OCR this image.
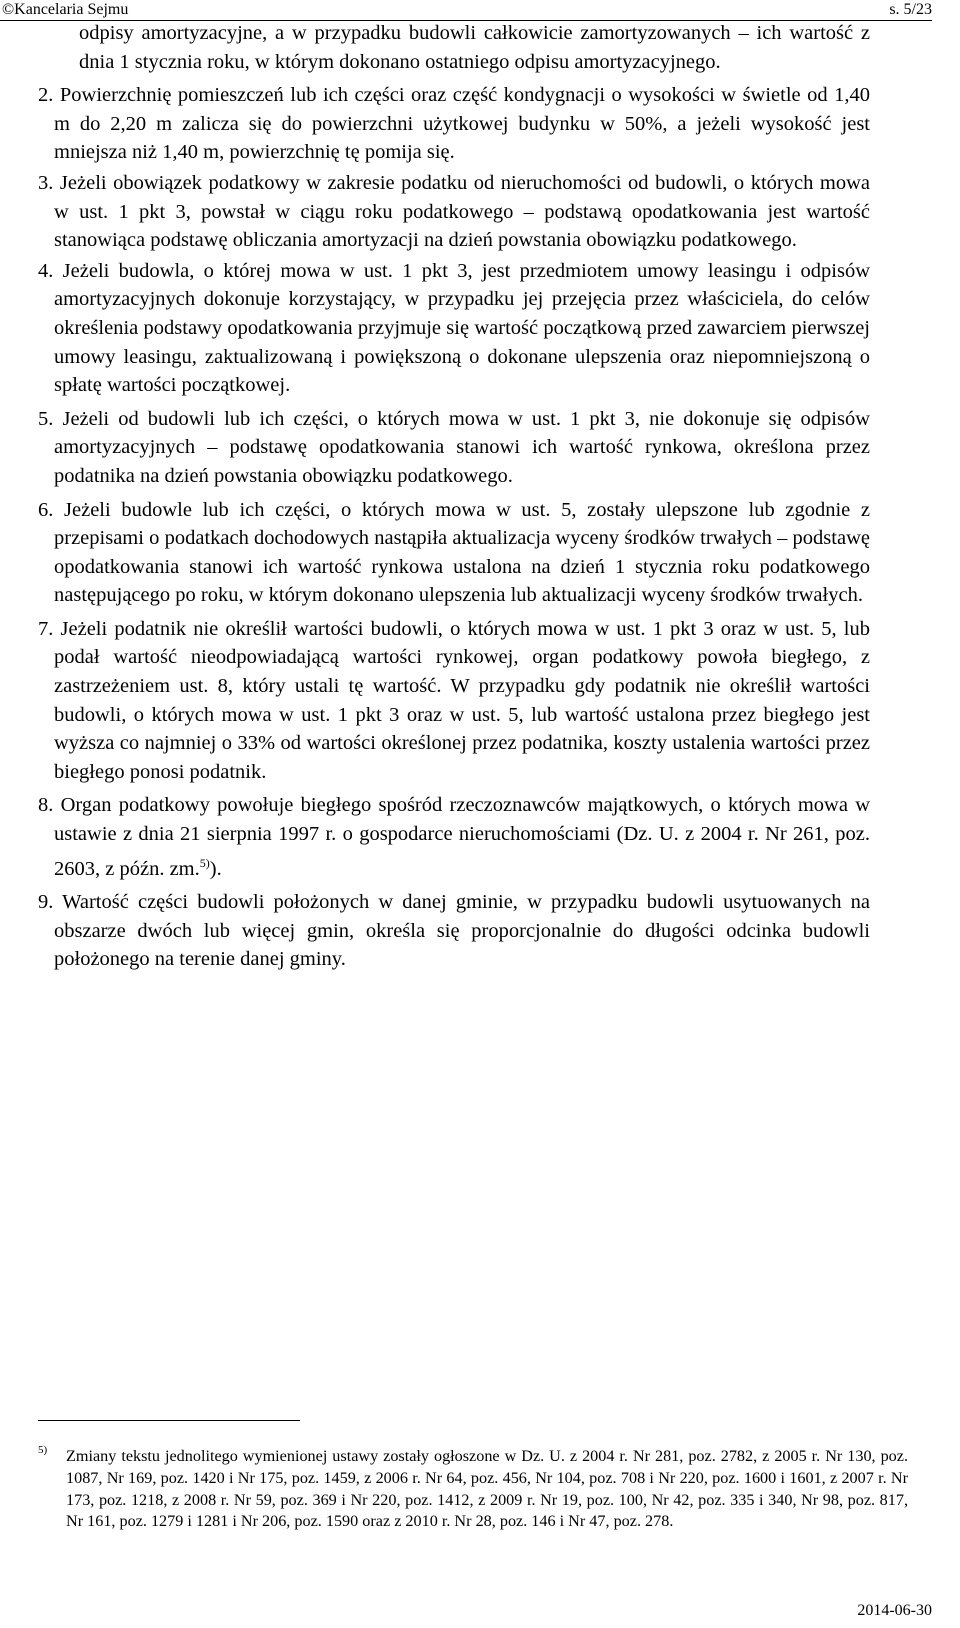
©Kancelaria Sejmu	s. 5/23

odpisy amortyzacyjne, a w przypadku budowli całkowicie zamortyzowanych – ich wartość z dnia 1 stycznia roku, w którym dokonano ostatniego odpisu amortyzacyjnego.

2. Powierzchnię pomieszczeń lub ich części oraz część kondygnacji o wysokości w świetle od 1,40 m do 2,20 m zalicza się do powierzchni użytkowej budynku w 50%, a jeżeli wysokość jest mniejsza niż 1,40 m, powierzchnię tę pomija się.

3. Jeżeli obowiązek podatkowy w zakresie podatku od nieruchomości od budowli, o których mowa w ust. 1 pkt 3, powstał w ciągu roku podatkowego – podstawą opodatkowania jest wartość stanowiąca podstawę obliczania amortyzacji na dzień powstania obowiązku podatkowego.

4. Jeżeli budowla, o której mowa w ust. 1 pkt 3, jest przedmiotem umowy leasingu i odpisów amortyzacyjnych dokonuje korzystający, w przypadku jej przejęcia przez właściciela, do celów określenia podstawy opodatkowania przyjmuje się wartość początkową przed zawarciem pierwszej umowy leasingu, zaktualizowaną i powiększoną o dokonane ulepszenia oraz niepomniejszoną o spłatę wartości początkowej.

5. Jeżeli od budowli lub ich części, o których mowa w ust. 1 pkt 3, nie dokonuje się odpisów amortyzacyjnych – podstawę opodatkowania stanowi ich wartość rynkowa, określona przez podatnika na dzień powstania obowiązku podatkowego.

6. Jeżeli budowle lub ich części, o których mowa w ust. 5, zostały ulepszone lub zgodnie z przepisami o podatkach dochodowych nastąpiła aktualizacja wyceny środków trwałych – podstawę opodatkowania stanowi ich wartość rynkowa ustalona na dzień 1 stycznia roku podatkowego następującego po roku, w którym dokonano ulepszenia lub aktualizacji wyceny środków trwałych.

7. Jeżeli podatnik nie określił wartości budowli, o których mowa w ust. 1 pkt 3 oraz w ust. 5, lub podał wartość nieodpowiadającą wartości rynkowej, organ podatkowy powoła biegłego, z zastrzeżeniem ust. 8, który ustali tę wartość. W przypadku gdy podatnik nie określił wartości budowli, o których mowa w ust. 1 pkt 3 oraz w ust. 5, lub wartość ustalona przez biegłego jest wyższa co najmniej o 33% od wartości określonej przez podatnika, koszty ustalenia wartości przez biegłego ponosi podatnik.

8. Organ podatkowy powołuje biegłego spośród rzeczoznawców majątkowych, o których mowa w ustawie z dnia 21 sierpnia 1997 r. o gospodarce nieruchomościami (Dz. U. z 2004 r. Nr 261, poz. 2603, z późn. zm.$^{5)}$).

9. Wartość części budowli położonych w danej gminie, w przypadku budowli usytuowanych na obszarze dwóch lub więcej gmin, określa się proporcjonalnie do długości odcinka budowli położonego na terenie danej gminy.

5) Zmiany tekstu jednolitego wymienionej ustawy zostały ogłoszone w Dz. U. z 2004 r. Nr 281, poz. 2782, z 2005 r. Nr 130, poz. 1087, Nr 169, poz. 1420 i Nr 175, poz. 1459, z 2006 r. Nr 64, poz. 456, Nr 104, poz. 708 i Nr 220, poz. 1600 i 1601, z 2007 r. Nr 173, poz. 1218, z 2008 r. Nr 59, poz. 369 i Nr 220, poz. 1412, z 2009 r. Nr 19, poz. 100, Nr 42, poz. 335 i 340, Nr 98, poz. 817, Nr 161, poz. 1279 i 1281 i Nr 206, poz. 1590 oraz z 2010 r. Nr 28, poz. 146 i Nr 47, poz. 278.
2014-06-30
